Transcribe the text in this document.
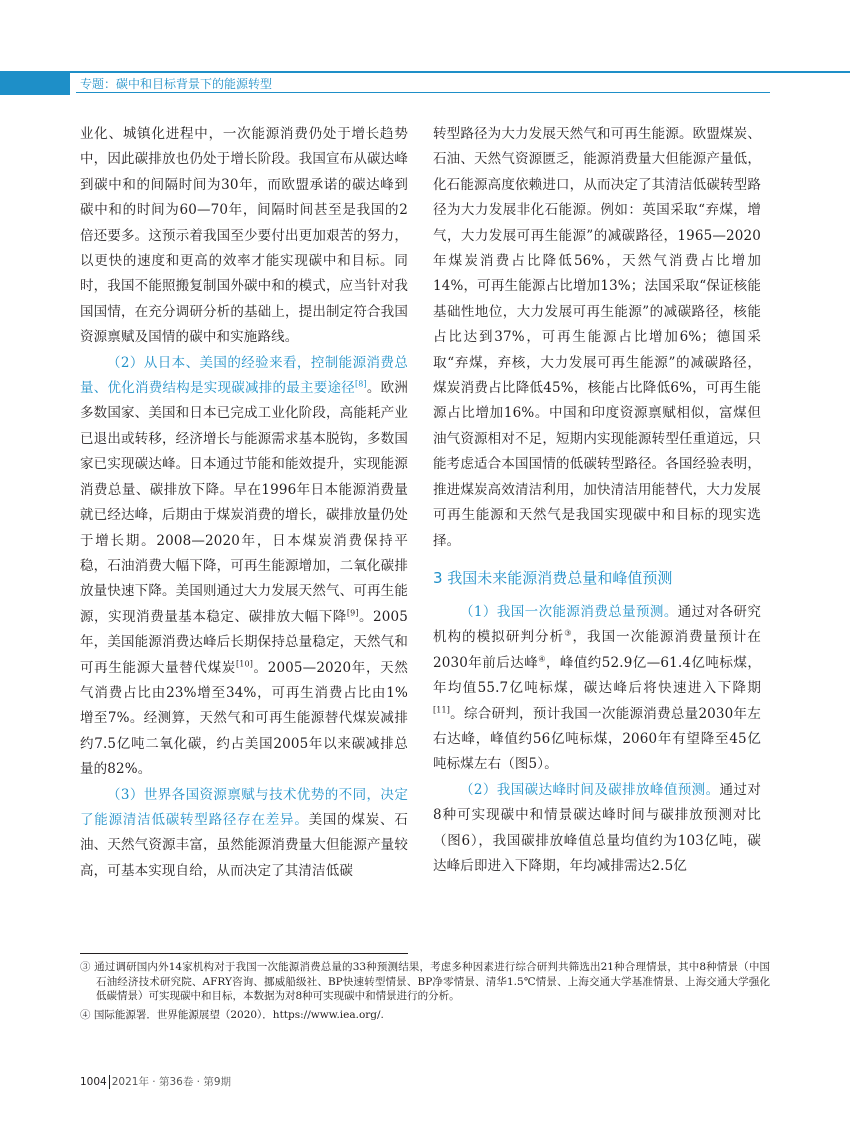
专题：碳中和目标背景下的能源转型

业化、城镇化进程中，一次能源消费仍处于增长趋势中，因此碳排放也仍处于增长阶段。我国宣布从碳达峰到碳中和的间隔时间为30年，而欧盟承诺的碳达峰到碳中和的时间为60—70年，间隔时间甚至是我国的2倍还要多。这预示着我国至少要付出更加艰苦的努力，以更快的速度和更高的效率才能实现碳中和目标。同时，我国不能照搬复制国外碳中和的模式，应当针对我国国情，在充分调研分析的基础上，提出制定符合我国资源禀赋及国情的碳中和实施路线。

（2）从日本、美国的经验来看，控制能源消费总量、优化消费结构是实现碳减排的最主要途径[8]。欧洲多数国家、美国和日本已完成工业化阶段，高能耗产业已退出或转移，经济增长与能源需求基本脱钩，多数国家已实现碳达峰。日本通过节能和能效提升，实现能源消费总量、碳排放下降。早在1996年日本能源消费量就已经达峰，后期由于煤炭消费的增长，碳排放量仍处于增长期。2008—2020年，日本煤炭消费保持平稳，石油消费大幅下降，可再生能源增加，二氧化碳排放量快速下降。美国则通过大力发展天然气、可再生能源，实现消费量基本稳定、碳排放大幅下降[9]。2005年，美国能源消费达峰后长期保持总量稳定，天然气和可再生能源大量替代煤炭[10]。2005—2020年，天然气消费占比由23%增至34%，可再生消费占比由1%增至7%。经测算，天然气和可再生能源替代煤炭减排约7.5亿吨二氧化碳，约占美国2005年以来碳减排总量的82%。

（3）世界各国资源禀赋与技术优势的不同，决定了能源清洁低碳转型路径存在差异。美国的煤炭、石油、天然气资源丰富，虽然能源消费量大但能源产量较高，可基本实现自给，从而决定了其清洁低碳

转型路径为大力发展天然气和可再生能源。欧盟煤炭、石油、天然气资源匮乏，能源消费量大但能源产量低，化石能源高度依赖进口，从而决定了其清洁低碳转型路径为大力发展非化石能源。例如：英国采取“弃煤，增气，大力发展可再生能源”的减碳路径，1965—2020年煤炭消费占比降低56%，天然气消费占比增加14%，可再生能源占比增加13%；法国采取“保证核能基础性地位，大力发展可再生能源”的减碳路径，核能占比达到37%，可再生能源占比增加6%；德国采取“弃煤，弃核，大力发展可再生能源”的减碳路径，煤炭消费占比降低45%，核能占比降低6%，可再生能源占比增加16%。中国和印度资源禀赋相似，富煤但油气资源相对不足，短期内实现能源转型任重道远，只能考虑适合本国国情的低碳转型路径。各国经验表明，推进煤炭高效清洁利用，加快清洁用能替代，大力发展可再生能源和天然气是我国实现碳中和目标的现实选择。

3 我国未来能源消费总量和峰值预测

（1）我国一次能源消费总量预测。通过对各研究机构的模拟研判分析③，我国一次能源消费量预计在2030年前后达峰④，峰值约52.9亿—61.4亿吨标煤，年均值55.7亿吨标煤，碳达峰后将快速进入下降期[11]。综合研判，预计我国一次能源消费总量2030年左右达峰，峰值约56亿吨标煤，2060年有望降至45亿吨标煤左右（图5）。

（2）我国碳达峰时间及碳排放峰值预测。通过对8种可实现碳中和情景碳达峰时间与碳排放预测对比（图6），我国碳排放峰值总量均值约为103亿吨，碳达峰后即进入下降期，年均减排需达2.5亿

③ 通过调研国内外14家机构对于我国一次能源消费总量的33种预测结果，考虑多种因素进行综合研判共筛选出21种合理情景，其中8种情景（中国石油经济技术研究院、AFRY咨询、挪威船级社、BP快速转型情景、BP净零情景、清华1.5℃情景、上海交通大学基准情景、上海交通大学强化低碳情景）可实现碳中和目标，本数据为对8种可实现碳中和情景进行的分析。

④ 国际能源署．世界能源展望（2020）．https://www.iea.org/.

1004 2021年 · 第36卷 · 第9期
